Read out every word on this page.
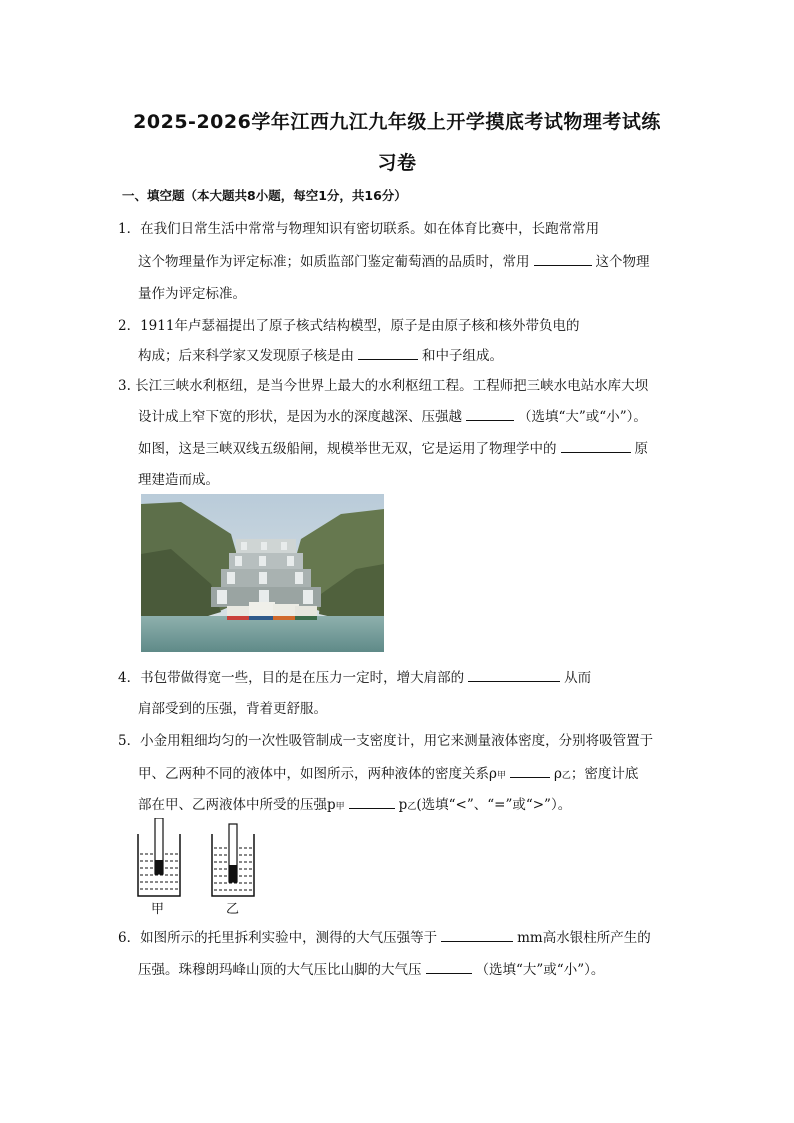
2025-2026学年江西九江九年级上开学摸底考试物理考试练
习卷
一、填空题（本大题共8小题，每空1分，共16分）
1．在我们日常生活中常常与物理知识有密切联系。如在体育比赛中，长跑常常用
这个物理量作为评定标准；如质监部门鉴定葡萄酒的品质时，常用	这个物理
量作为评定标准。
2．1911年卢瑟福提出了原子核式结构模型，原子是由原子核和核外带负电的
构成；后来科学家又发现原子核是由	和中子组成。
3. 长江三峡水利枢纽，是当今世界上最大的水利枢纽工程。工程师把三峡水电站水库大坝
设计成上窄下宽的形状，是因为水的深度越深、压强越	（选填“大”或“小”）。
如图，这是三峡双线五级船闸，规模举世无双，它是运用了物理学中的	原
理建造而成。
4．书包带做得宽一些，目的是在压力一定时，增大肩部的	从而
肩部受到的压强，背着更舒服。
5．小金用粗细均匀的一次性吸管制成一支密度计，用它来测量液体密度，分别将吸管置于
甲、乙两种不同的液体中，如图所示，两种液体的密度关系ρ甲	ρ乙；密度计底
部在甲、乙两液体中所受的压强p甲	p乙(选填“<”、“=”或“>”）。
甲	乙
6．如图所示的托里拆利实验中，测得的大气压强等于	mm高水银柱所产生的
压强。珠穆朗玛峰山顶的大气压比山脚的大气压	（选填“大”或“小”）。
